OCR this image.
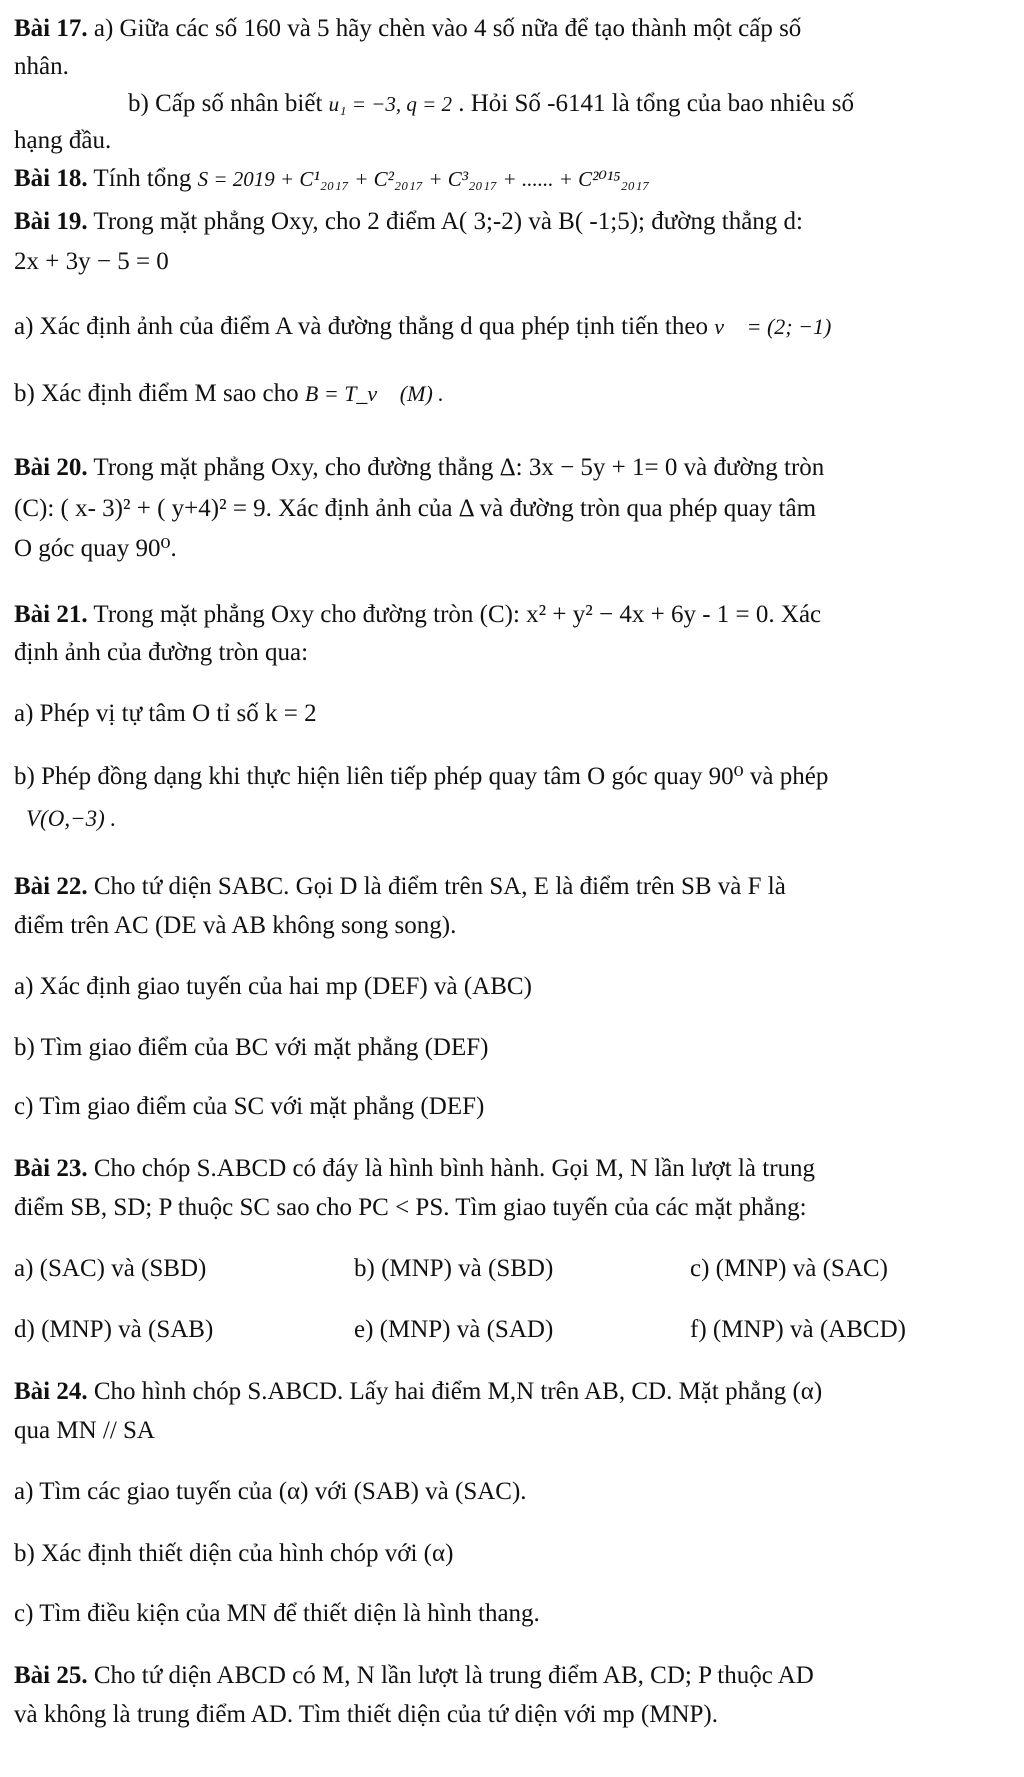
Bài 17. a) Giữa các số 160 và 5 hãy chèn vào 4 số nữa để tạo thành một cấp số
nhân.
b) Cấp số nhân biết u₁ = −3, q = 2 . Hỏi Số -6141 là tổng của bao nhiêu số
hạng đầu.
Bài 18. Tính tổng S = 2019 + C¹₂₀₁₇ + C²₂₀₁₇ + C³₂₀₁₇ + ...... + C²⁰¹⁵₂₀₁₇
Bài 19. Trong mặt phẳng Oxy, cho 2 điểm A( 3;-2) và B( -1;5); đường thẳng d:
2x + 3y − 5 = 0
a) Xác định ảnh của điểm A và đường thẳng d qua phép tịnh tiến theo v⃗ = (2; −1)
b) Xác định điểm M sao cho B = T_v⃗ (M) .
Bài 20. Trong mặt phẳng Oxy, cho đường thẳng Δ: 3x − 5y + 1= 0 và đường tròn
(C): ( x- 3)² + ( y+4)² = 9. Xác định ảnh của Δ và đường tròn qua phép quay tâm
O góc quay 90⁰.
Bài 21. Trong mặt phẳng Oxy cho đường tròn (C): x² + y² − 4x + 6y - 1 = 0. Xác
định ảnh của đường tròn qua:
a) Phép vị tự tâm O tỉ số k = 2
b) Phép đồng dạng khi thực hiện liên tiếp phép quay tâm O góc quay 90⁰ và phép
V(O,−3) .
Bài 22. Cho tứ diện SABC. Gọi D là điểm trên SA, E là điểm trên SB và F là
điểm trên AC (DE và AB không song song).
a) Xác định giao tuyến của hai mp (DEF) và (ABC)
b) Tìm giao điểm của BC với mặt phẳng (DEF)
c) Tìm giao điểm của SC với mặt phẳng (DEF)
Bài 23. Cho chóp S.ABCD có đáy là hình bình hành. Gọi M, N lần lượt là trung
điểm SB, SD; P thuộc SC sao cho PC < PS. Tìm giao tuyến của các mặt phẳng:
a) (SAC) và (SBD)	b) (MNP) và (SBD)	c) (MNP) và (SAC)
d) (MNP) và (SAB)	e) (MNP) và (SAD)	f) (MNP) và (ABCD)
Bài 24. Cho hình chóp S.ABCD. Lấy hai điểm M,N trên AB, CD. Mặt phẳng (α)
qua MN // SA
a) Tìm các giao tuyến của (α) với (SAB) và (SAC).
b) Xác định thiết diện của hình chóp với (α)
c) Tìm điều kiện của MN để thiết diện là hình thang.
Bài 25. Cho tứ diện ABCD có M, N lần lượt là trung điểm AB, CD; P thuộc AD
và không là trung điểm AD. Tìm thiết diện của tứ diện với mp (MNP).
